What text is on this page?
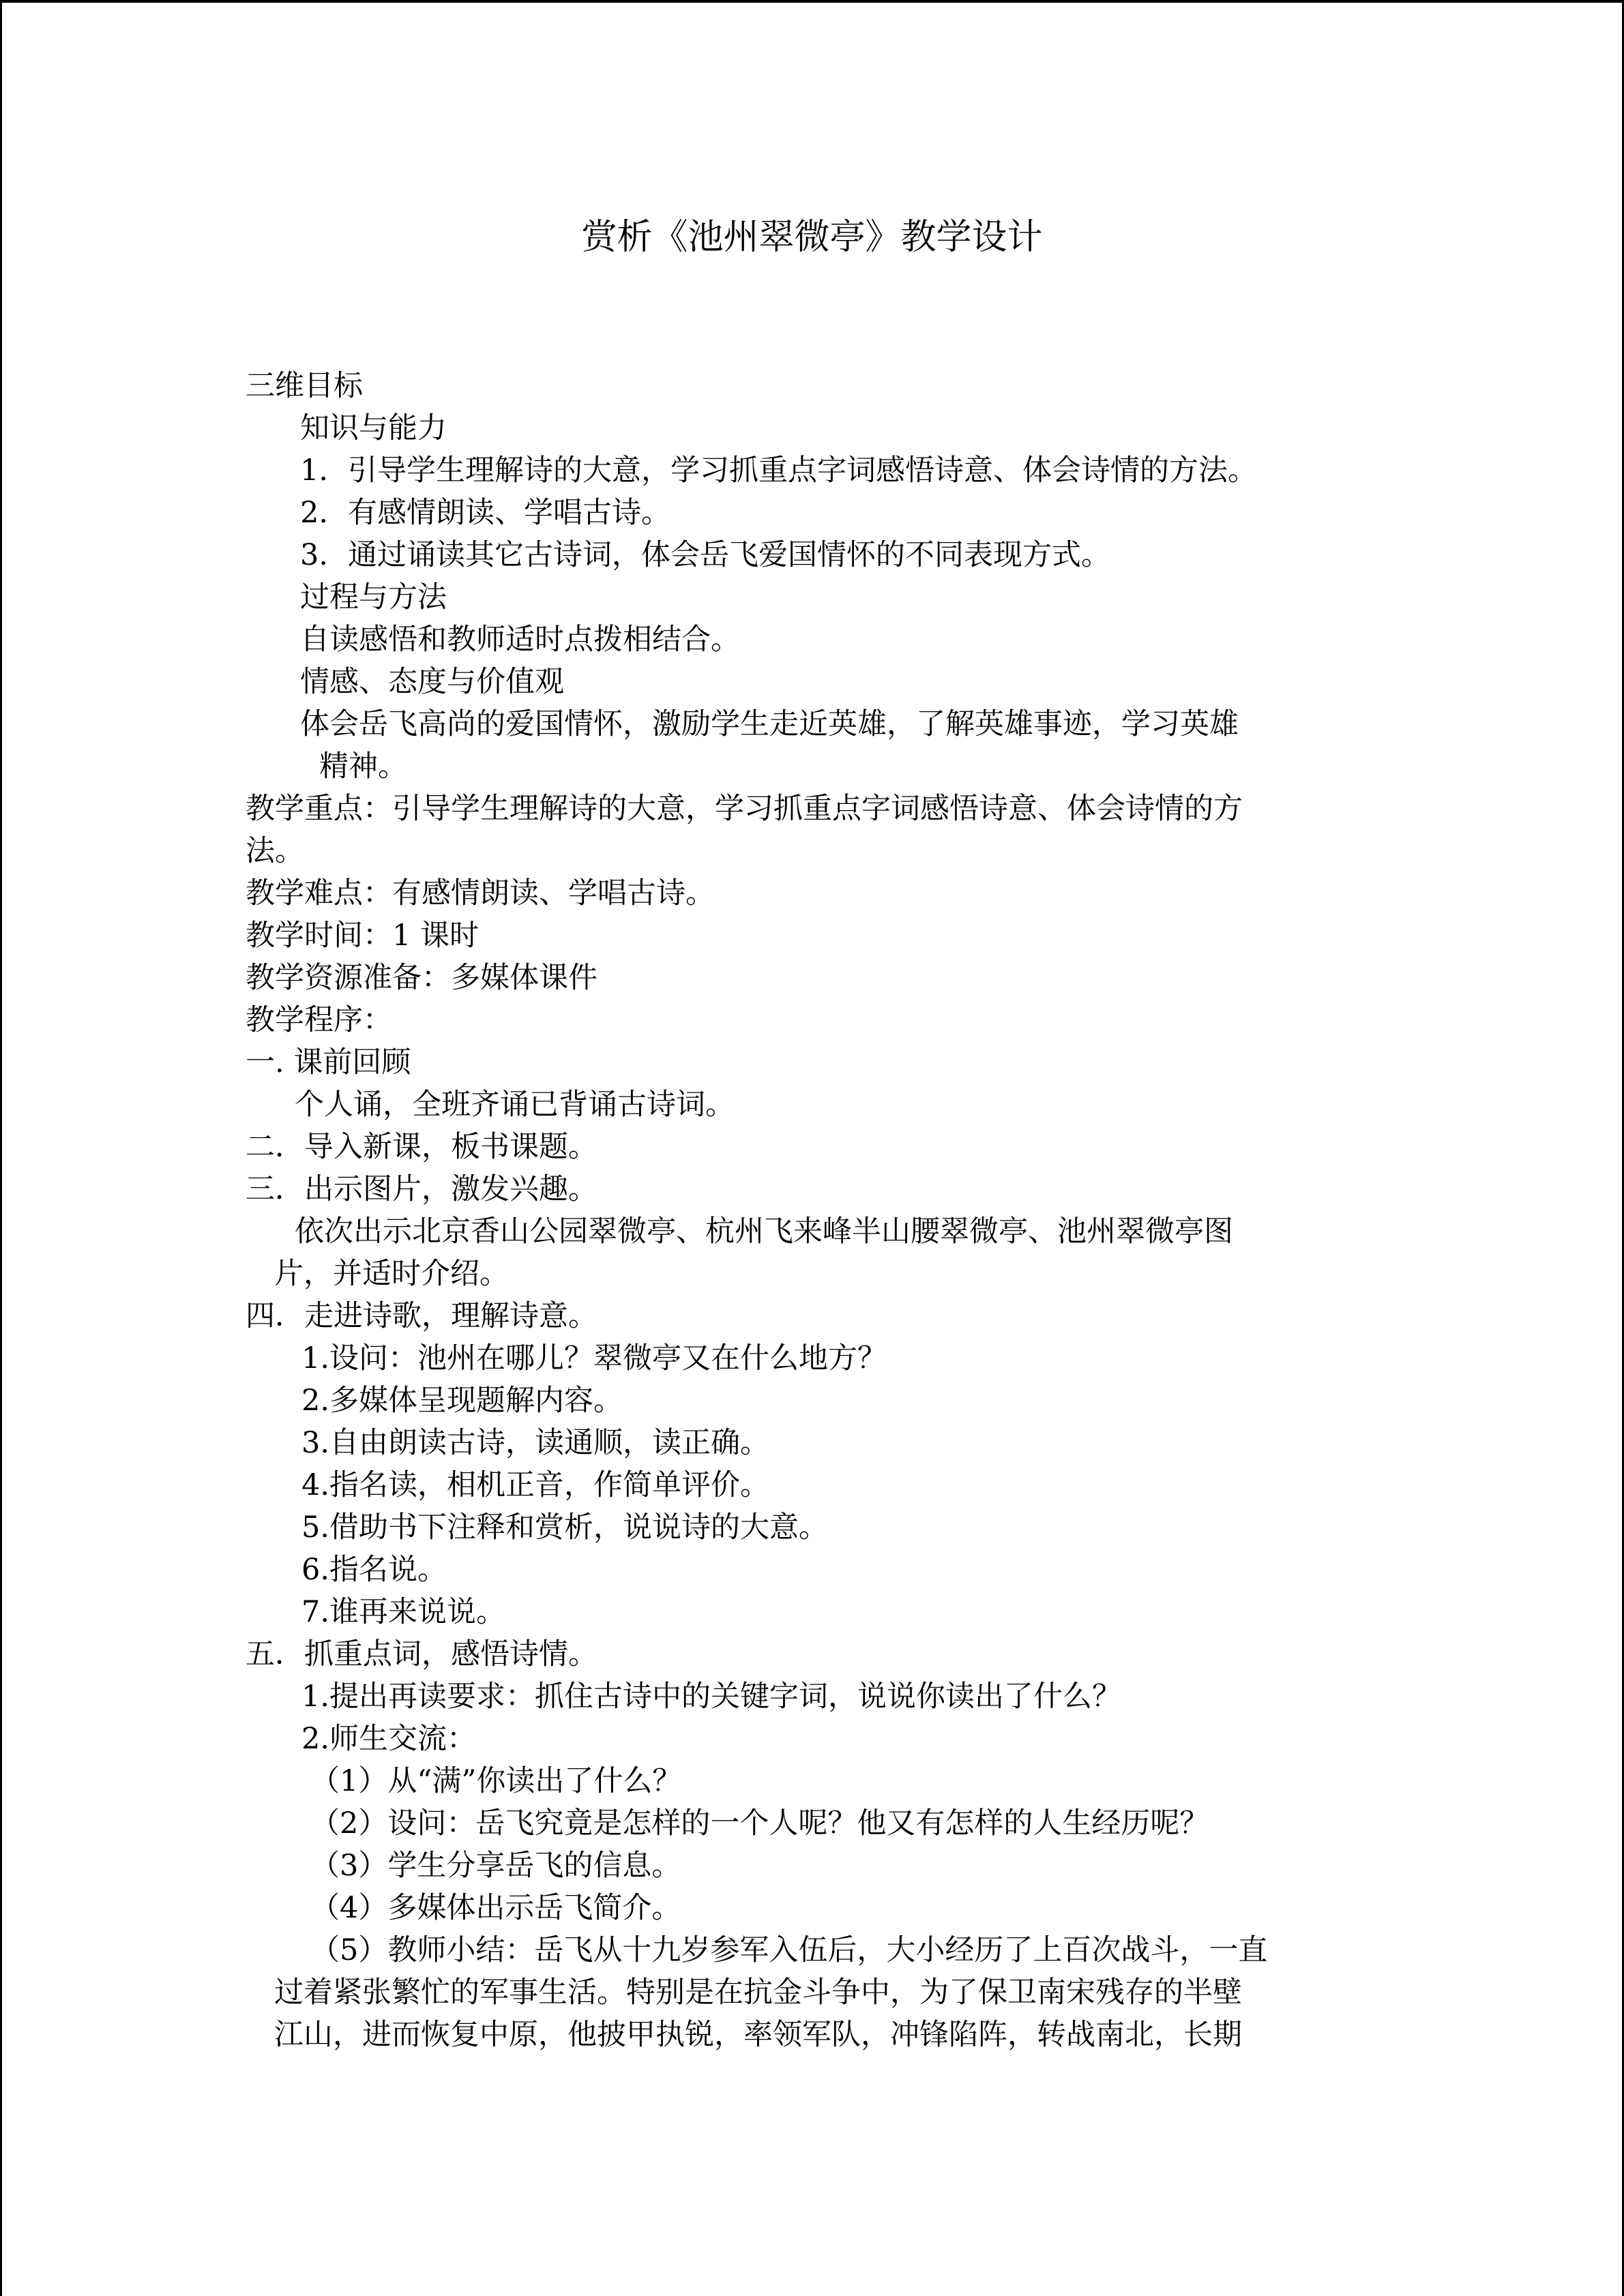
赏析《池州翠微亭》教学设计
三维目标
知识与能力
1. 引导学生理解诗的大意，学习抓重点字词感悟诗意、体会诗情的方法。
2. 有感情朗读、学唱古诗。
3. 通过诵读其它古诗词，体会岳飞爱国情怀的不同表现方式。
过程与方法
自读感悟和教师适时点拨相结合。
情感、态度与价值观
体会岳飞高尚的爱国情怀，激励学生走近英雄，了解英雄事迹，学习英雄
精神。
教学重点：引导学生理解诗的大意，学习抓重点字词感悟诗意、体会诗情的方
法。
教学难点：有感情朗读、学唱古诗。
教学时间：1 课时
教学资源准备：多媒体课件
教学程序：
一. 课前回顾
个人诵，全班齐诵已背诵古诗词。
二．导入新课，板书课题。
三．出示图片，激发兴趣。
依次出示北京香山公园翠微亭、杭州飞来峰半山腰翠微亭、池州翠微亭图
片，并适时介绍。
四．走进诗歌，理解诗意。
1.设问：池州在哪儿？翠微亭又在什么地方？
2.多媒体呈现题解内容。
3.自由朗读古诗，读通顺，读正确。
4.指名读，相机正音，作简单评价。
5.借助书下注释和赏析，说说诗的大意。
6.指名说。
7.谁再来说说。
五．抓重点词，感悟诗情。
1.提出再读要求：抓住古诗中的关键字词，说说你读出了什么？
2.师生交流：
（1）从“满”你读出了什么？
（2）设问：岳飞究竟是怎样的一个人呢？他又有怎样的人生经历呢？
（3）学生分享岳飞的信息。
（4）多媒体出示岳飞简介。
（5）教师小结：岳飞从十九岁参军入伍后，大小经历了上百次战斗，一直
过着紧张繁忙的军事生活。特别是在抗金斗争中，为了保卫南宋残存的半壁
江山，进而恢复中原，他披甲执锐，率领军队，冲锋陷阵，转战南北，长期
